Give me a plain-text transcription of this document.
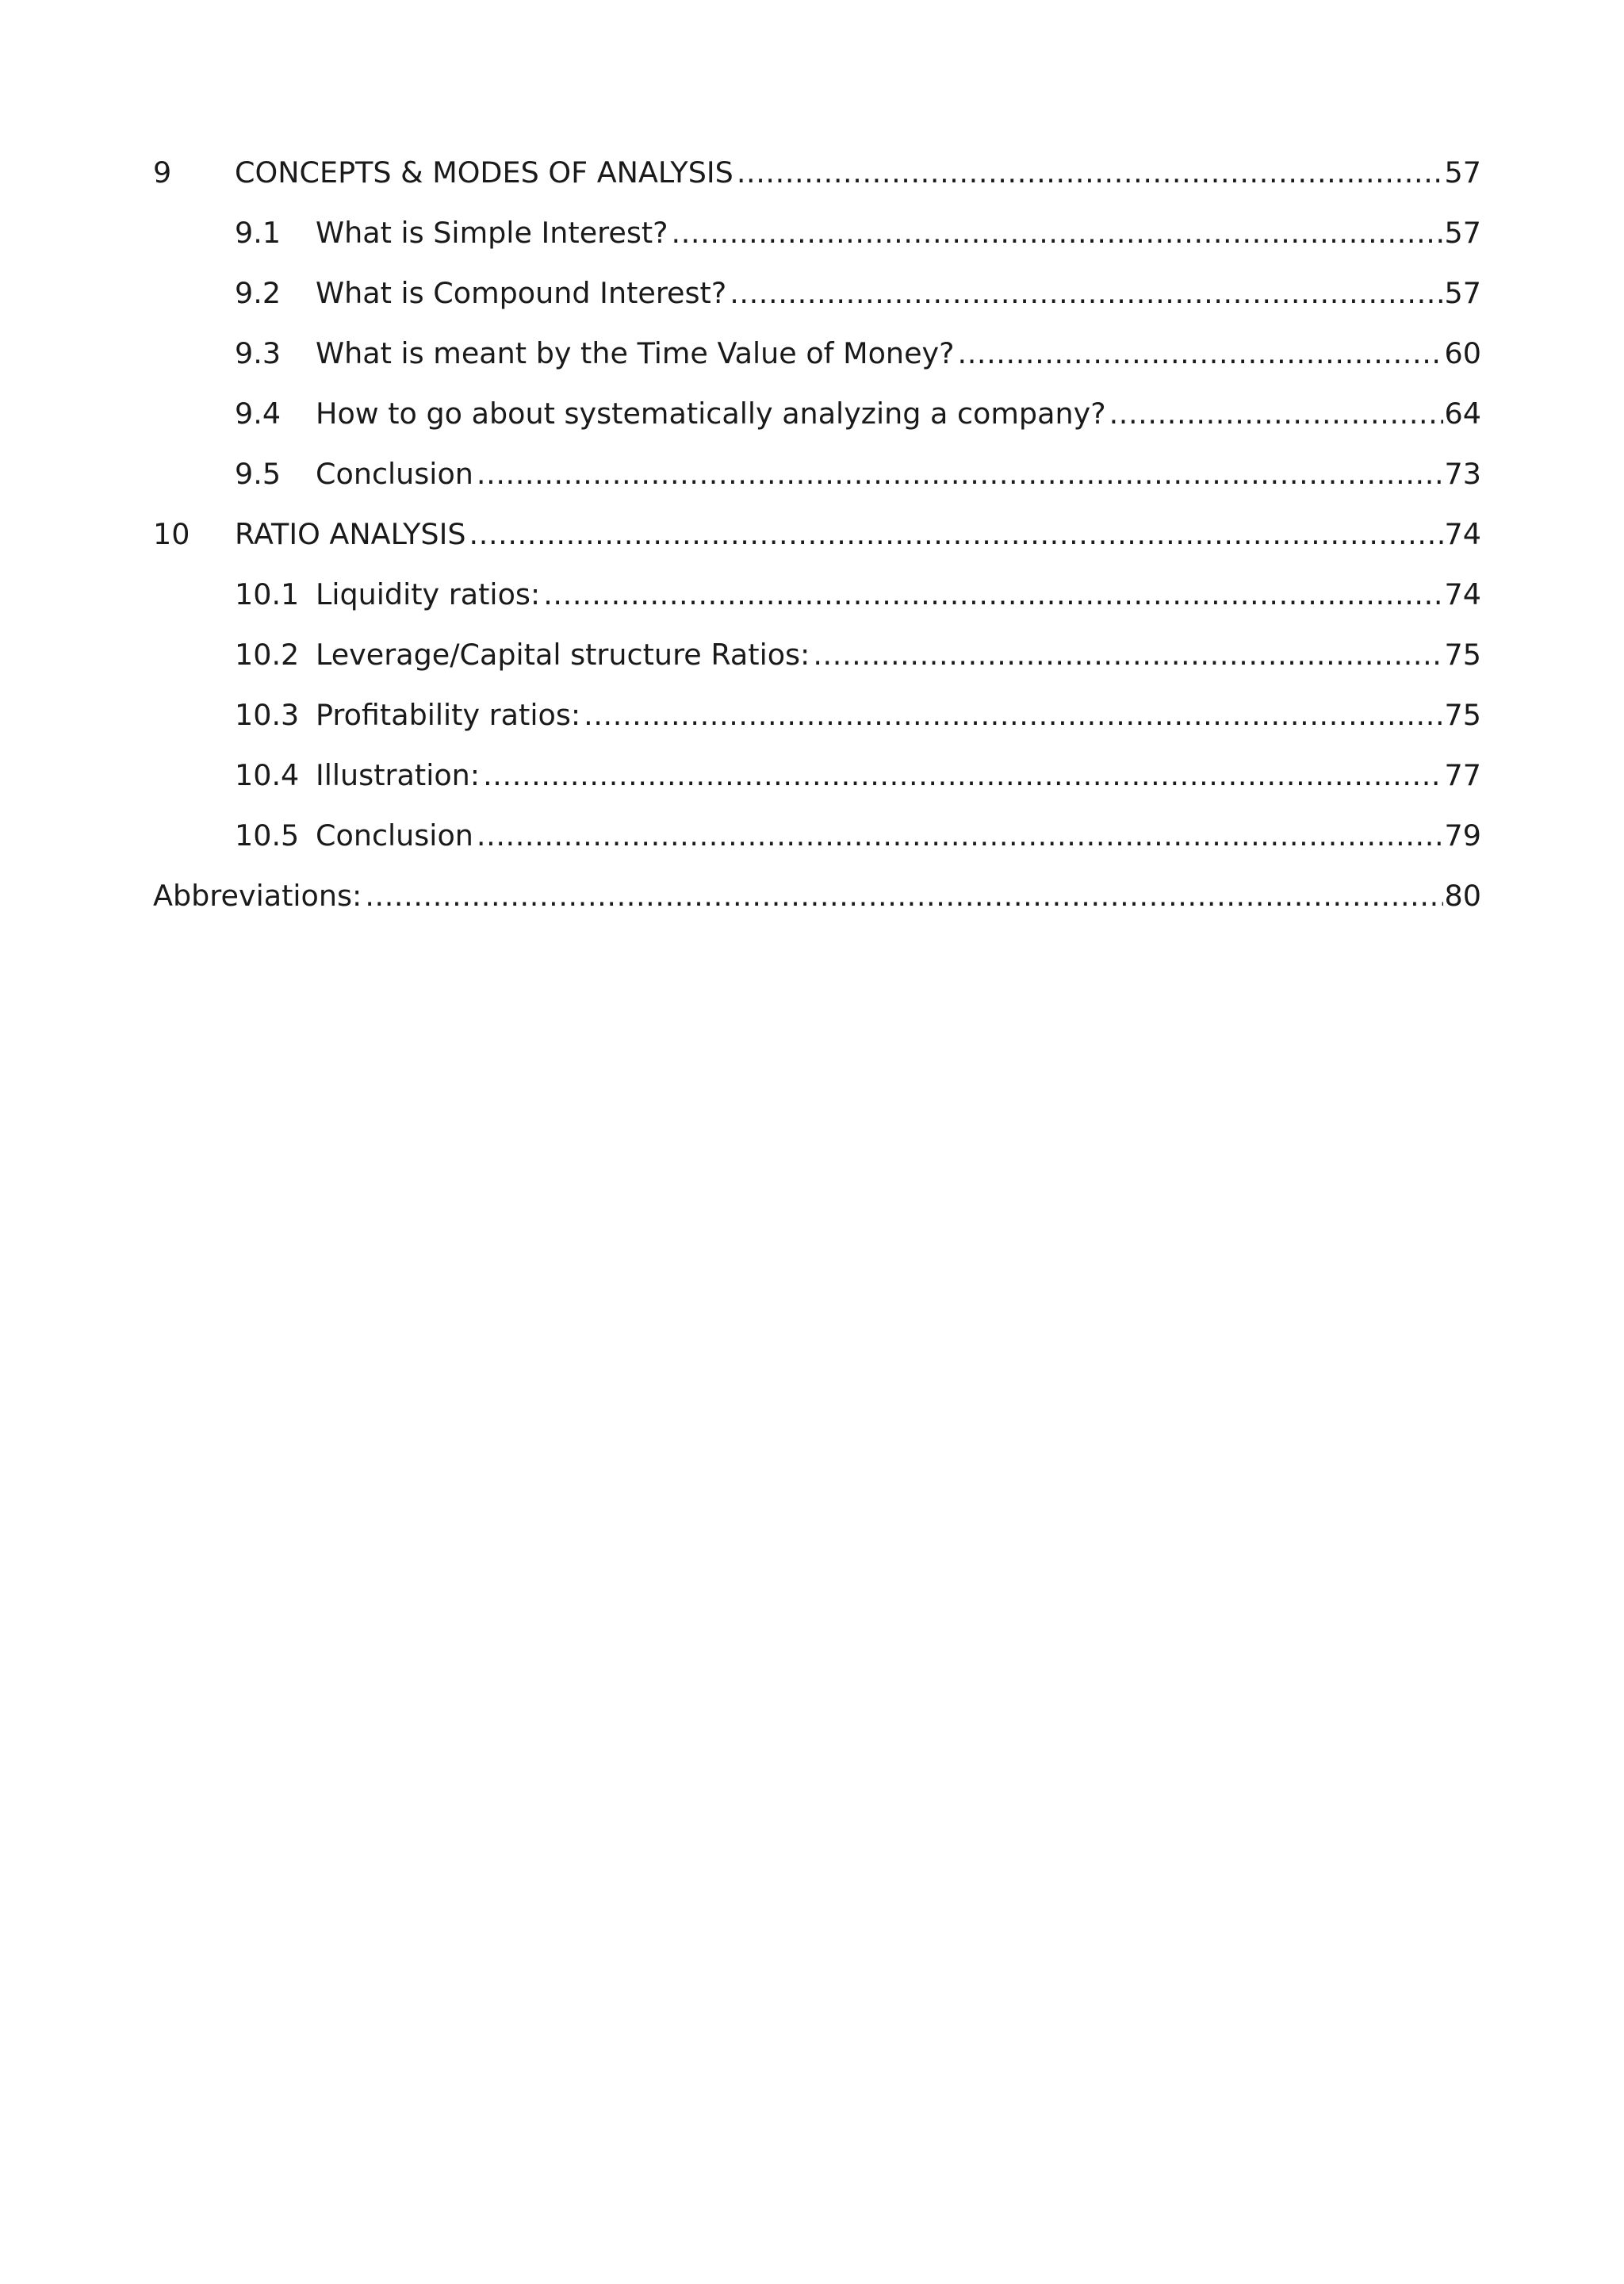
9	CONCEPTS & MODES OF ANALYSIS .....	57
9.1	What is Simple Interest? .....	57
9.2	What is Compound Interest? .....	57
9.3	What is meant by the Time Value of Money? .....	60
9.4	How to go about systematically analyzing a company? .....	64
9.5	Conclusion .....	73
10	RATIO ANALYSIS .....	74
10.1 Liquidity ratios: .....	74
10.2 Leverage/Capital structure Ratios: .....	75
10.3 Profitability ratios: .....	75
10.4 Illustration: .....	77
10.5 Conclusion .....	79
Abbreviations: .....	80
